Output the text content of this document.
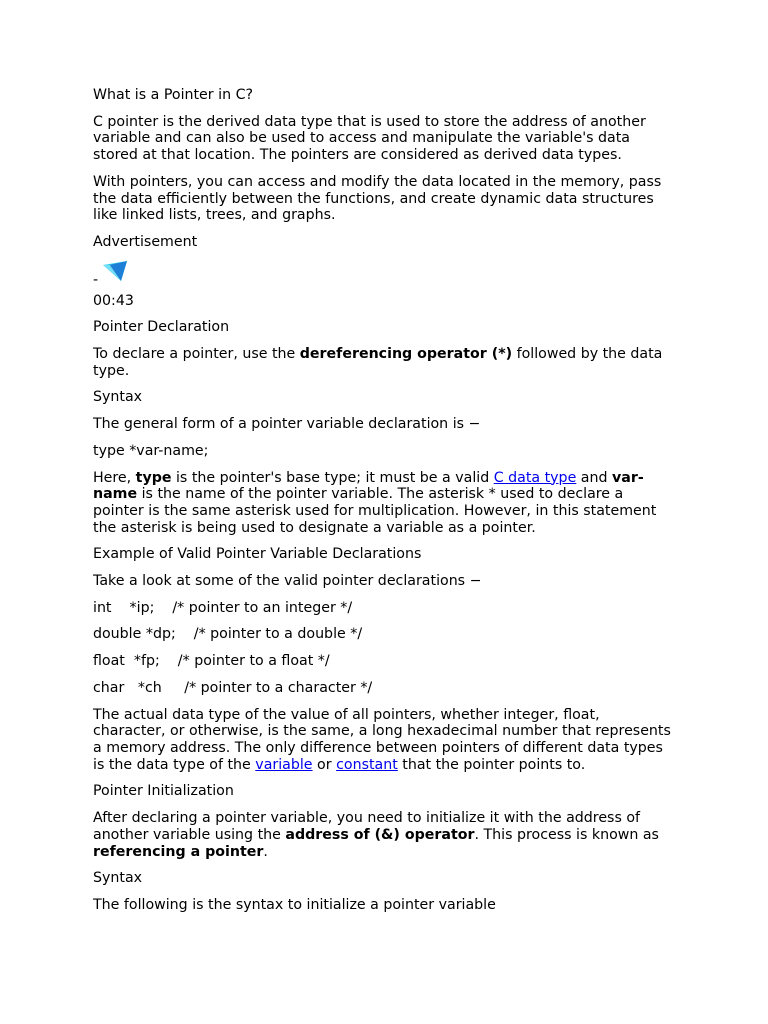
What is a Pointer in C?

C pointer is the derived data type that is used to store the address of another variable and can also be used to access and manipulate the variable's data stored at that location. The pointers are considered as derived data types.

With pointers, you can access and modify the data located in the memory, pass the data efficiently between the functions, and create dynamic data structures like linked lists, trees, and graphs.

Advertisement

-

00:43

Pointer Declaration

To declare a pointer, use the dereferencing operator (*) followed by the data type.

Syntax

The general form of a pointer variable declaration is −

type *var-name;

Here, type is the pointer's base type; it must be a valid C data type and var-name is the name of the pointer variable. The asterisk * used to declare a pointer is the same asterisk used for multiplication. However, in this statement the asterisk is being used to designate a variable as a pointer.

Example of Valid Pointer Variable Declarations

Take a look at some of the valid pointer declarations −

int    *ip;    /* pointer to an integer */

double *dp;    /* pointer to a double */

float  *fp;    /* pointer to a float */

char   *ch     /* pointer to a character */

The actual data type of the value of all pointers, whether integer, float, character, or otherwise, is the same, a long hexadecimal number that represents a memory address. The only difference between pointers of different data types is the data type of the variable or constant that the pointer points to.

Pointer Initialization

After declaring a pointer variable, you need to initialize it with the address of another variable using the address of (&) operator. This process is known as referencing a pointer.

Syntax

The following is the syntax to initialize a pointer variable
